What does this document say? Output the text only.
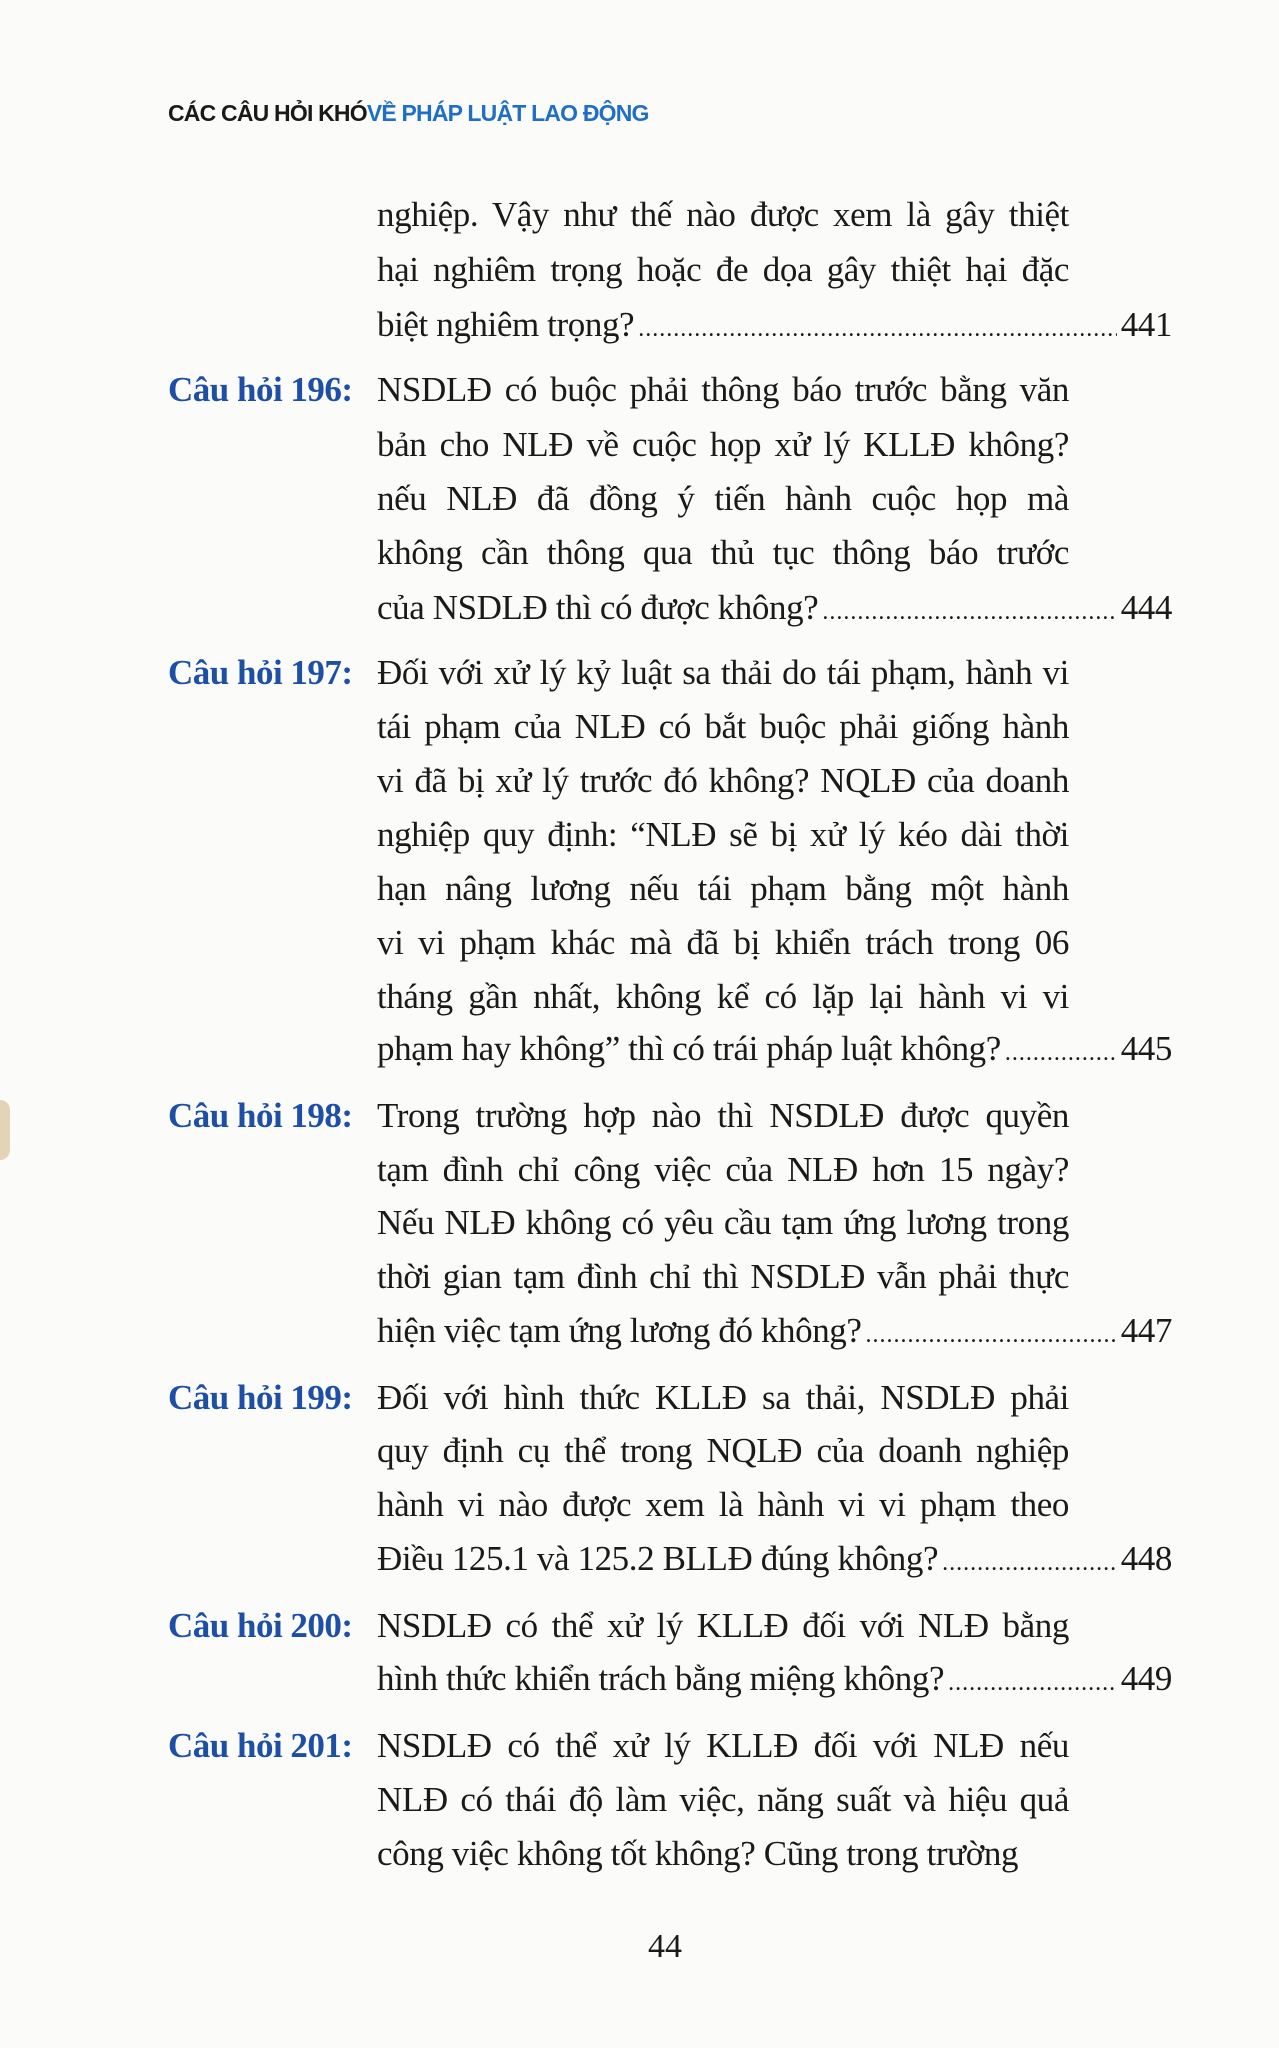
CÁC CÂU HỎI KHÓVỀ PHÁP LUẬT LAO ĐỘNG
nghiệp. Vậy như thế nào được xem là gây thiệt
hại nghiêm trọng hoặc đe dọa gây thiệt hại đặc
biệt nghiêm trọng? .....	441
Câu hỏi 196: NSDLĐ có buộc phải thông báo trước bằng văn
bản cho NLĐ về cuộc họp xử lý KLLĐ không?
nếu NLĐ đã đồng ý tiến hành cuộc họp mà
không cần thông qua thủ tục thông báo trước
của NSDLĐ thì có được không? .....	444
Câu hỏi 197: Đối với xử lý kỷ luật sa thải do tái phạm, hành vi
tái phạm của NLĐ có bắt buộc phải giống hành
vi đã bị xử lý trước đó không? NQLĐ của doanh
nghiệp quy định: “NLĐ sẽ bị xử lý kéo dài thời
hạn nâng lương nếu tái phạm bằng một hành
vi vi phạm khác mà đã bị khiển trách trong 06
tháng gần nhất, không kể có lặp lại hành vi vi
phạm hay không” thì có trái pháp luật không? .....	445
Câu hỏi 198: Trong trường hợp nào thì NSDLĐ được quyền
tạm đình chỉ công việc của NLĐ hơn 15 ngày?
Nếu NLĐ không có yêu cầu tạm ứng lương trong
thời gian tạm đình chỉ thì NSDLĐ vẫn phải thực
hiện việc tạm ứng lương đó không? .....	447
Câu hỏi 199: Đối với hình thức KLLĐ sa thải, NSDLĐ phải
quy định cụ thể trong NQLĐ của doanh nghiệp
hành vi nào được xem là hành vi vi phạm theo
Điều 125.1 và 125.2 BLLĐ đúng không? .....	448
Câu hỏi 200: NSDLĐ có thể xử lý KLLĐ đối với NLĐ bằng
hình thức khiển trách bằng miệng không? .....	449
Câu hỏi 201: NSDLĐ có thể xử lý KLLĐ đối với NLĐ nếu
NLĐ có thái độ làm việc, năng suất và hiệu quả
công việc không tốt không? Cũng trong trường
44
